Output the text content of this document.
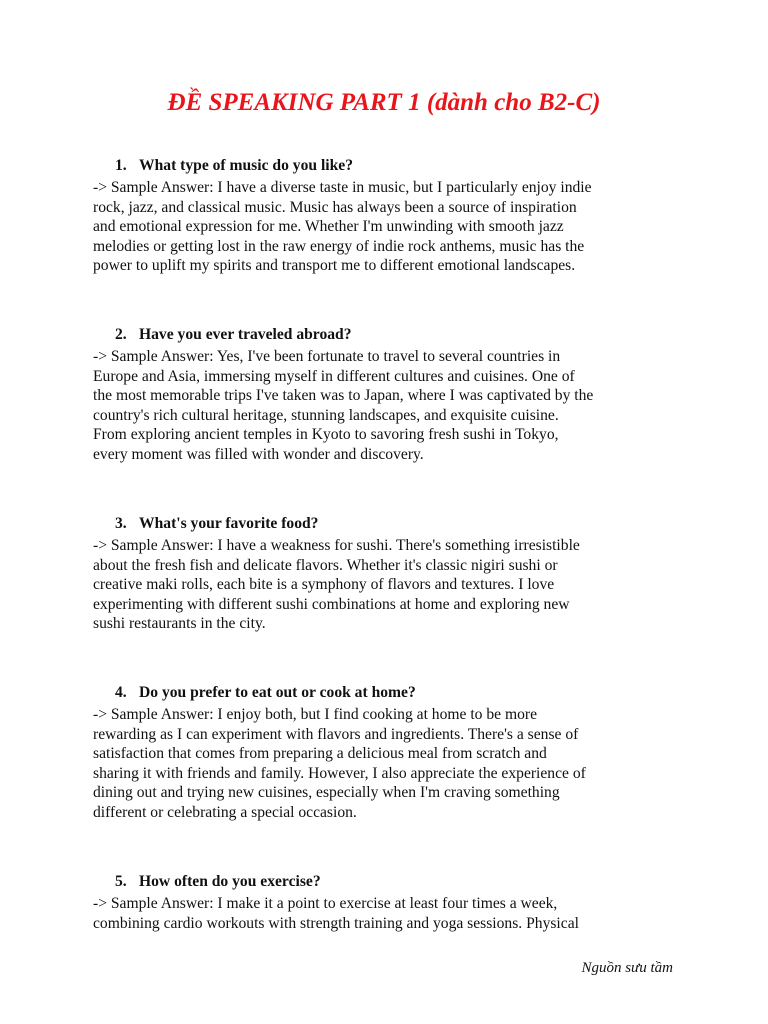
ĐỀ SPEAKING PART 1 (dành cho B2-C)

1. What type of music do you like?

-> Sample Answer: I have a diverse taste in music, but I particularly enjoy indie
rock, jazz, and classical music. Music has always been a source of inspiration
and emotional expression for me. Whether I'm unwinding with smooth jazz
melodies or getting lost in the raw energy of indie rock anthems, music has the
power to uplift my spirits and transport me to different emotional landscapes.

2. Have you ever traveled abroad?

-> Sample Answer: Yes, I've been fortunate to travel to several countries in
Europe and Asia, immersing myself in different cultures and cuisines. One of
the most memorable trips I've taken was to Japan, where I was captivated by the
country's rich cultural heritage, stunning landscapes, and exquisite cuisine.
From exploring ancient temples in Kyoto to savoring fresh sushi in Tokyo,
every moment was filled with wonder and discovery.

3. What's your favorite food?

-> Sample Answer: I have a weakness for sushi. There's something irresistible
about the fresh fish and delicate flavors. Whether it's classic nigiri sushi or
creative maki rolls, each bite is a symphony of flavors and textures. I love
experimenting with different sushi combinations at home and exploring new
sushi restaurants in the city.

4. Do you prefer to eat out or cook at home?

-> Sample Answer: I enjoy both, but I find cooking at home to be more
rewarding as I can experiment with flavors and ingredients. There's a sense of
satisfaction that comes from preparing a delicious meal from scratch and
sharing it with friends and family. However, I also appreciate the experience of
dining out and trying new cuisines, especially when I'm craving something
different or celebrating a special occasion.

5. How often do you exercise?

-> Sample Answer: I make it a point to exercise at least four times a week,
combining cardio workouts with strength training and yoga sessions. Physical

Nguồn sưu tầm
